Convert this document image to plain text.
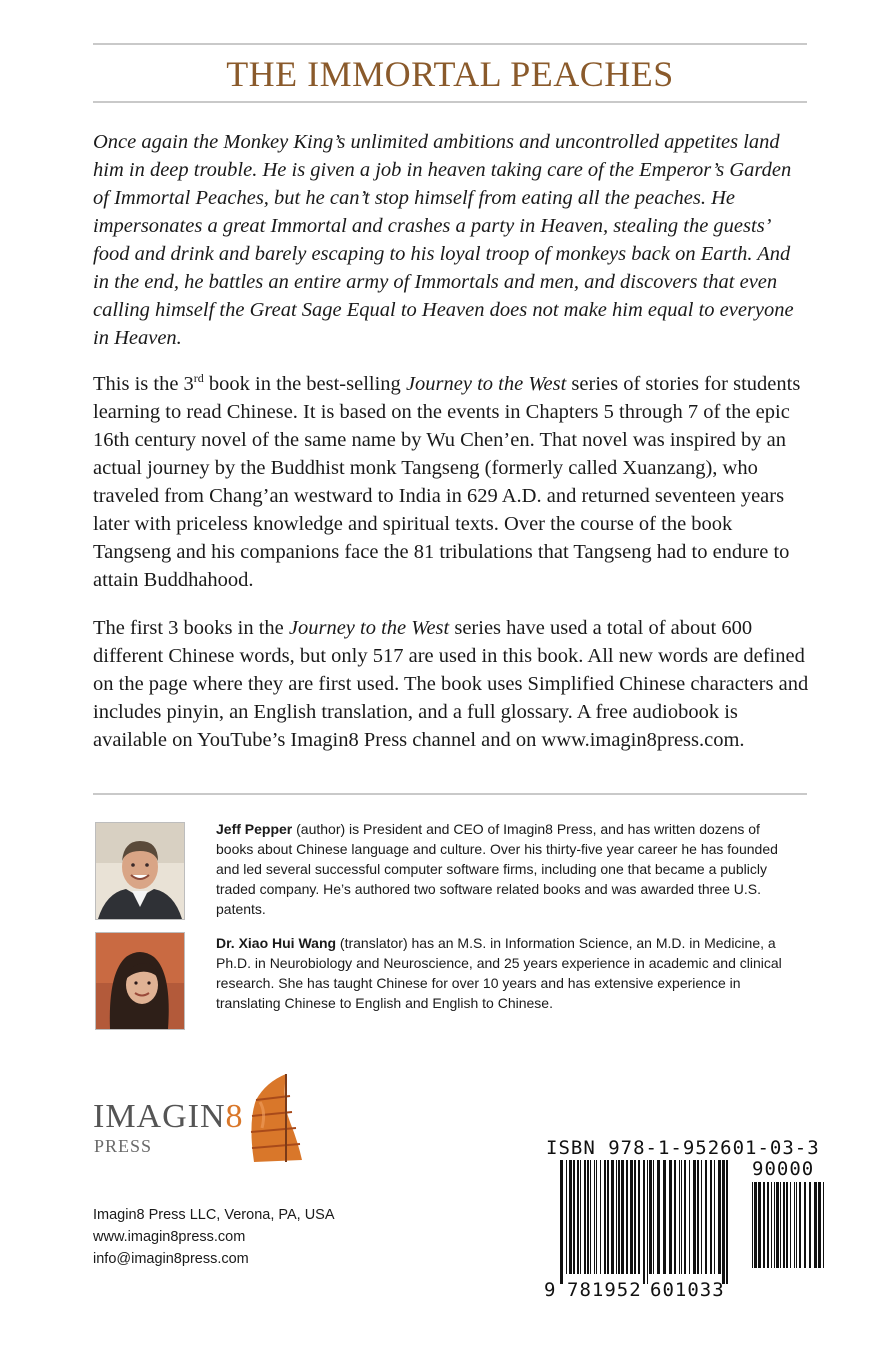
THE IMMORTAL PEACHES

Once again the Monkey King’s unlimited ambitions and uncontrolled appetites land him in deep trouble. He is given a job in heaven taking care of the Emperor’s Garden of Immortal Peaches, but he can’t stop himself from eating all the peaches. He impersonates a great Immortal and crashes a party in Heaven, stealing the guests’ food and drink and barely escaping to his loyal troop of monkeys back on Earth. And in the end, he battles an entire army of Immortals and men, and discovers that even calling himself the Great Sage Equal to Heaven does not make him equal to everyone in Heaven.

This is the 3rd book in the best-selling Journey to the West series of stories for students learning to read Chinese. It is based on the events in Chapters 5 through 7 of the epic 16th century novel of the same name by Wu Chen’en. That novel was inspired by an actual journey by the Buddhist monk Tangseng (formerly called Xuanzang), who traveled from Chang’an westward to India in 629 A.D. and returned seventeen years later with priceless knowledge and spiritual texts. Over the course of the book Tangseng and his companions face the 81 tribulations that Tangseng had to endure to attain Buddhahood.

The first 3 books in the Journey to the West series have used a total of about 600 different Chinese words, but only 517 are used in this book. All new words are defined on the page where they are first used. The book uses Simplified Chinese characters and includes pinyin, an English translation, and a full glossary. A free audiobook is available on YouTube’s Imagin8 Press channel and on www.imagin8press.com.

Jeff Pepper (author) is President and CEO of Imagin8 Press, and has written dozens of books about Chinese language and culture. Over his thirty-five year career he has founded and led several successful computer software firms, including one that became a publicly traded company. He’s authored two software related books and was awarded three U.S. patents.

Dr. Xiao Hui Wang (translator) has an M.S. in Information Science, an M.D. in Medicine, a Ph.D. in Neurobiology and Neuroscience, and 25 years experience in academic and clinical research. She has taught Chinese for over 10 years and has extensive experience in translating Chinese to English and English to Chinese.

IMAGIN8
PRESS
Imagin8 Press LLC, Verona, PA, USA
www.imagin8press.com
info@imagin8press.com
ISBN 978-1-952601-03-3
90000
9 781952 601033
